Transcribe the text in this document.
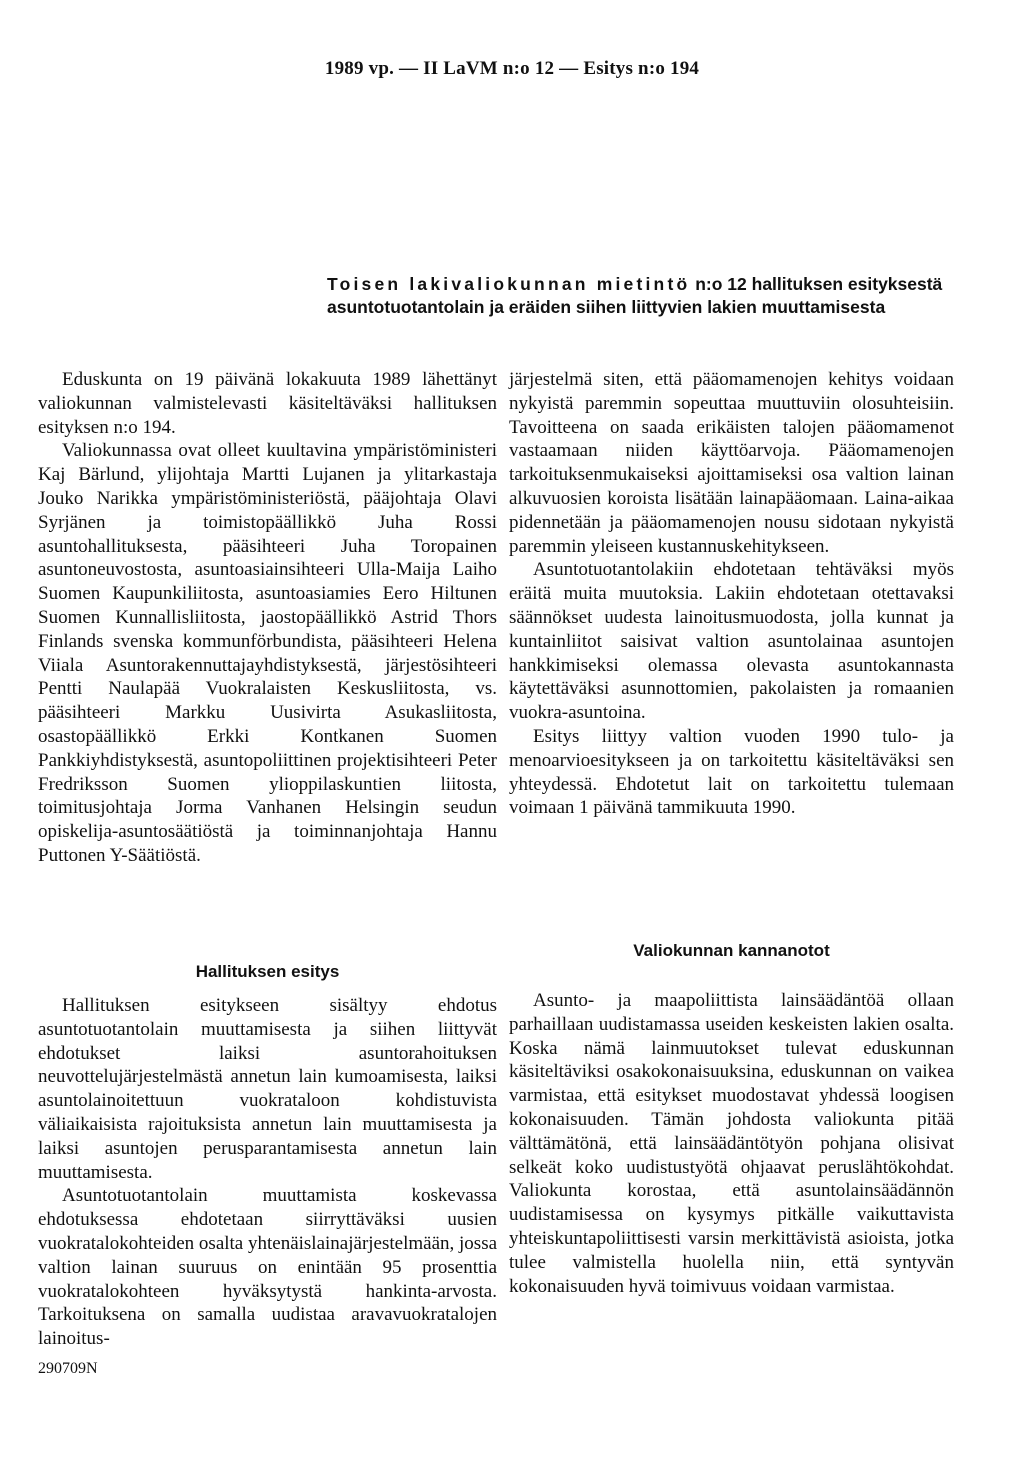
1989 vp. — II LaVM n:o 12 — Esitys n:o 194
Toisen lakivaliokunnan mietintö n:o 12 hallituksen esityksestä asuntotuotantolain ja eräiden siihen liittyvien lakien muuttamisesta

Eduskunta on 19 päivänä lokakuuta 1989 lähettänyt valiokunnan valmistelevasti käsiteltäväksi hallituksen esityksen n:o 194.

Valiokunnassa ovat olleet kuultavina ympäristöministeri Kaj Bärlund, ylijohtaja Martti Lujanen ja ylitarkastaja Jouko Narikka ympäristöministeriöstä, pääjohtaja Olavi Syrjänen ja toimistopäällikkö Juha Rossi asuntohallituksesta, pääsihteeri Juha Toropainen asuntoneuvostosta, asuntoasiainsihteeri Ulla-Maija Laiho Suomen Kaupunkiliitosta, asuntoasiamies Eero Hiltunen Suomen Kunnallisliitosta, jaostopäällikkö Astrid Thors Finlands svenska kommunförbundista, pääsihteeri Helena Viiala Asuntorakennuttajayhdistyksestä, järjestösihteeri Pentti Naulapää Vuokralaisten Keskusliitosta, vs. pääsihteeri Markku Uusivirta Asukasliitosta, osastopäällikkö Erkki Kontkanen Suomen Pankkiyhdistyksestä, asuntopoliittinen projektisihteeri Peter Fredriksson Suomen ylioppilaskuntien liitosta, toimitusjohtaja Jorma Vanhanen Helsingin seudun opiskelija-asuntosäätiöstä ja toiminnanjohtaja Hannu Puttonen Y-Säätiöstä.

järjestelmä siten, että pääomamenojen kehitys voidaan nykyistä paremmin sopeuttaa muuttuviin olosuhteisiin. Tavoitteena on saada erikäisten talojen pääomamenot vastaamaan niiden käyttöarvoja. Pääomamenojen tarkoituksenmukaiseksi ajoittamiseksi osa valtion lainan alkuvuosien koroista lisätään lainapääomaan. Laina-aikaa pidennetään ja pääomamenojen nousu sidotaan nykyistä paremmin yleiseen kustannuskehitykseen.

Asuntotuotantolakiin ehdotetaan tehtäväksi myös eräitä muita muutoksia. Lakiin ehdotetaan otettavaksi säännökset uudesta lainoitusmuodosta, jolla kunnat ja kuntainliitot saisivat valtion asuntolainaa asuntojen hankkimiseksi olemassa olevasta asuntokannasta käytettäväksi asunnottomien, pakolaisten ja romaanien vuokra-asuntoina.

Esitys liittyy valtion vuoden 1990 tulo- ja menoarvioesitykseen ja on tarkoitettu käsiteltäväksi sen yhteydessä. Ehdotetut lait on tarkoitettu tulemaan voimaan 1 päivänä tammikuuta 1990.

Hallituksen esitys
Valiokunnan kannanotot

Hallituksen esitykseen sisältyy ehdotus asuntotuotantolain muuttamisesta ja siihen liittyvät ehdotukset laiksi asuntorahoituksen neuvottelujärjestelmästä annetun lain kumoamisesta, laiksi asuntolainoitettuun vuokrataloon kohdistuvista väliaikaisista rajoituksista annetun lain muuttamisesta ja laiksi asuntojen perusparantamisesta annetun lain muuttamisesta.

Asuntotuotantolain muuttamista koskevassa ehdotuksessa ehdotetaan siirryttäväksi uusien vuokratalokohteiden osalta yhtenäislainajärjestelmään, jossa valtion lainan suuruus on enintään 95 prosenttia vuokratalokohteen hyväksytystä hankinta-arvosta. Tarkoituksena on samalla uudistaa aravavuokratalojen lainoitus-

Asunto- ja maapoliittista lainsäädäntöä ollaan parhaillaan uudistamassa useiden keskeisten lakien osalta. Koska nämä lainmuutokset tulevat eduskunnan käsiteltäviksi osakokonaisuuksina, eduskunnan on vaikea varmistaa, että esitykset muodostavat yhdessä loogisen kokonaisuuden. Tämän johdosta valiokunta pitää välttämätönä, että lainsäädäntötyön pohjana olisivat selkeät koko uudistustyötä ohjaavat peruslähtökohdat. Valiokunta korostaa, että asuntolainsäädännön uudistamisessa on kysymys pitkälle vaikuttavista yhteiskuntapoliittisesti varsin merkittävistä asioista, jotka tulee valmistella huolella niin, että syntyvän kokonaisuuden hyvä toimivuus voidaan varmistaa.

290709N
